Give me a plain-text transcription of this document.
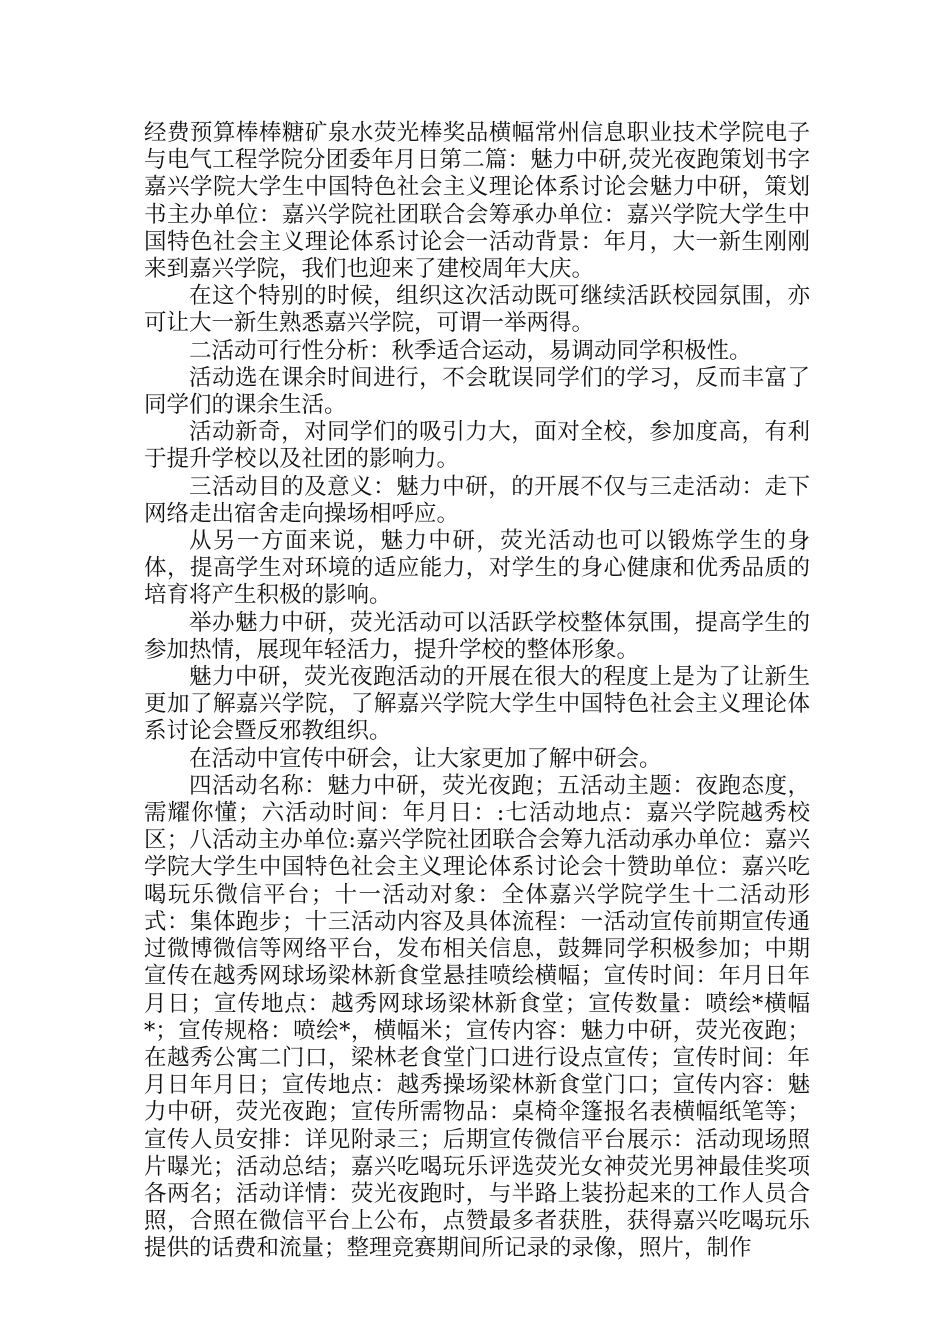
经费预算棒棒糖矿泉水荧光棒奖品横幅常州信息职业技术学院电子与电气工程学院分团委年月日第二篇：魅力中研,荧光夜跑策划书字嘉兴学院大学生中国特色社会主义理论体系讨论会魅力中研，策划书主办单位：嘉兴学院社团联合会筹承办单位：嘉兴学院大学生中国特色社会主义理论体系讨论会一活动背景：年月，大一新生刚刚来到嘉兴学院，我们也迎来了建校周年大庆。

在这个特别的时候，组织这次活动既可继续活跃校园氛围，亦可让大一新生熟悉嘉兴学院，可谓一举两得。

二活动可行性分析：秋季适合运动，易调动同学积极性。

活动选在课余时间进行，不会耽误同学们的学习，反而丰富了同学们的课余生活。

活动新奇，对同学们的吸引力大，面对全校，参加度高，有利于提升学校以及社团的影响力。

三活动目的及意义：魅力中研，的开展不仅与三走活动：走下网络走出宿舍走向操场相呼应。

从另一方面来说，魅力中研，荧光活动也可以锻炼学生的身体，提高学生对环境的适应能力，对学生的身心健康和优秀品质的培育将产生积极的影响。

举办魅力中研，荧光活动可以活跃学校整体氛围，提高学生的参加热情，展现年轻活力，提升学校的整体形象。

魅力中研，荧光夜跑活动的开展在很大的程度上是为了让新生更加了解嘉兴学院，了解嘉兴学院大学生中国特色社会主义理论体系讨论会暨反邪教组织。

在活动中宣传中研会，让大家更加了解中研会。

四活动名称：魅力中研，荧光夜跑；五活动主题：夜跑态度，需耀你懂；六活动时间：年月日：:七活动地点：嘉兴学院越秀校区；八活动主办单位:嘉兴学院社团联合会筹九活动承办单位：嘉兴学院大学生中国特色社会主义理论体系讨论会十赞助单位：嘉兴吃喝玩乐微信平台；十一活动对象：全体嘉兴学院学生十二活动形式：集体跑步；十三活动内容及具体流程：一活动宣传前期宣传通过微博微信等网络平台，发布相关信息，鼓舞同学积极参加；中期宣传在越秀网球场梁林新食堂悬挂喷绘横幅；宣传时间：年月日年月日；宣传地点：越秀网球场梁林新食堂；宣传数量：喷绘*横幅*；宣传规格：喷绘*，横幅米；宣传内容：魅力中研，荧光夜跑；在越秀公寓二门口，梁林老食堂门口进行设点宣传；宣传时间：年月日年月日；宣传地点：越秀操场梁林新食堂门口；宣传内容：魅力中研，荧光夜跑；宣传所需物品：桌椅伞篷报名表横幅纸笔等；宣传人员安排：详见附录三；后期宣传微信平台展示：活动现场照片曝光；活动总结；嘉兴吃喝玩乐评选荧光女神荧光男神最佳奖项各两名；活动详情：荧光夜跑时，与半路上装扮起来的工作人员合照，合照在微信平台上公布，点赞最多者获胜，获得嘉兴吃喝玩乐提供的话费和流量；整理竞赛期间所记录的录像，照片，制作
